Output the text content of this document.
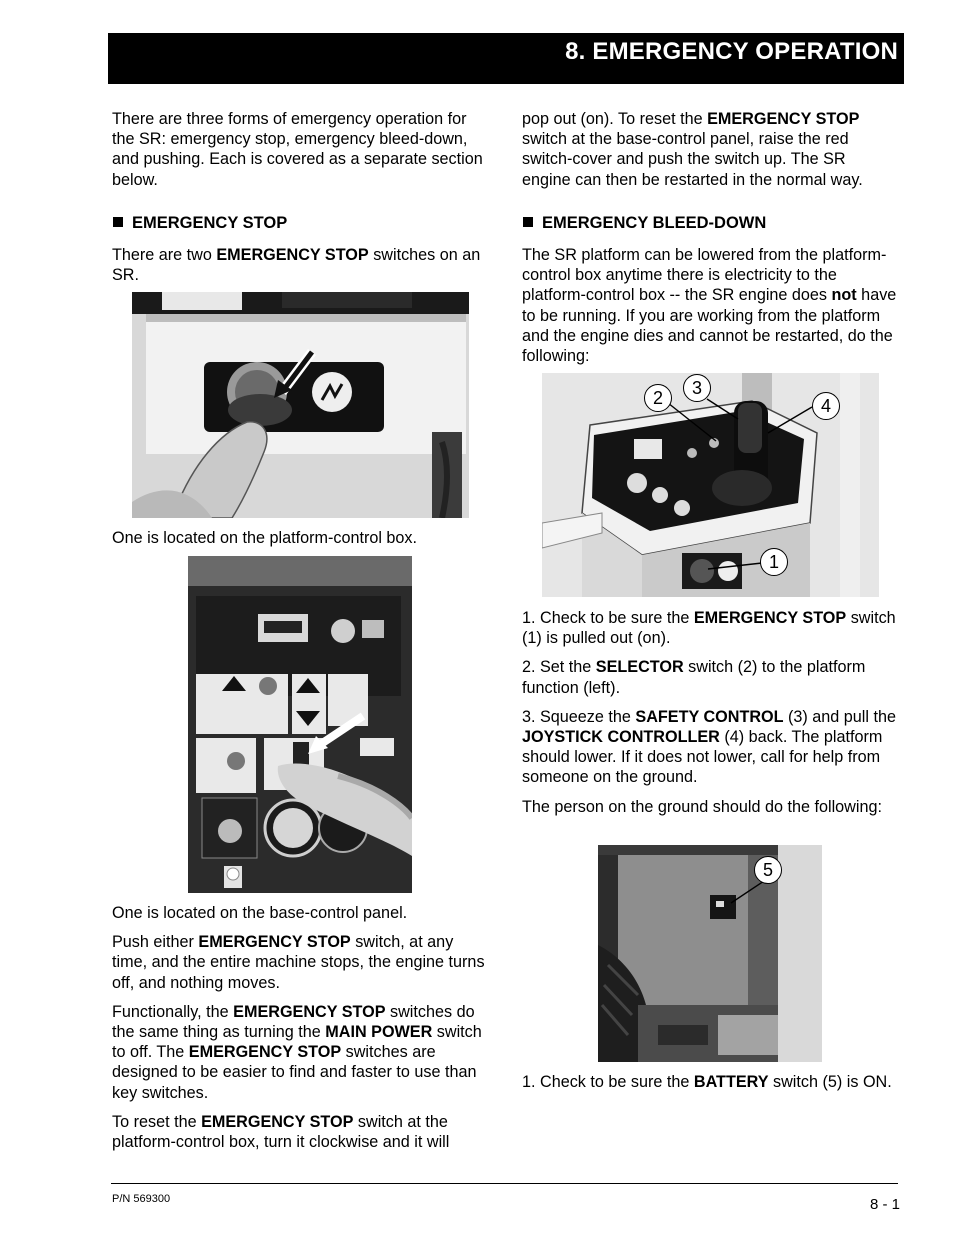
8. EMERGENCY OPERATION

There are three forms of emergency operation for the SR: emergency stop, emergency bleed-down, and pushing. Each is covered as a separate section below.

EMERGENCY STOP

There are two EMERGENCY STOP switches on an SR.

One is located on the platform-control box.

One is located on the base-control panel.

Push either EMERGENCY STOP switch, at any time, and the entire machine stops, the engine turns off, and nothing moves.

Functionally, the EMERGENCY STOP switches do the same thing as turning the MAIN POWER switch to off. The EMERGENCY STOP switches are designed to be easier to find and faster to use than key switches.

To reset the EMERGENCY STOP switch at the platform-control box, turn it clockwise and it will

pop out (on). To reset the EMERGENCY STOP switch at the base-control panel, raise the red switch-cover and push the switch up. The SR engine can then be restarted in the normal way.

EMERGENCY BLEED-DOWN

The SR platform can be lowered from the platform-control box anytime there is electricity to the platform-control box -- the SR engine does not have to be running. If you are working from the platform and the engine dies and cannot be restarted, do the following:

2	3
4
1

1. Check to be sure the EMERGENCY STOP switch (1) is pulled out (on).

2. Set the SELECTOR switch (2) to the platform function (left).

3. Squeeze the SAFETY CONTROL (3) and pull the JOYSTICK CONTROLLER (4) back. The platform should lower. If it does not lower, call for help from someone on the ground.

The person on the ground should do the following:

5

1. Check to be sure the BATTERY switch (5) is ON.

P/N 569300	8 - 1
